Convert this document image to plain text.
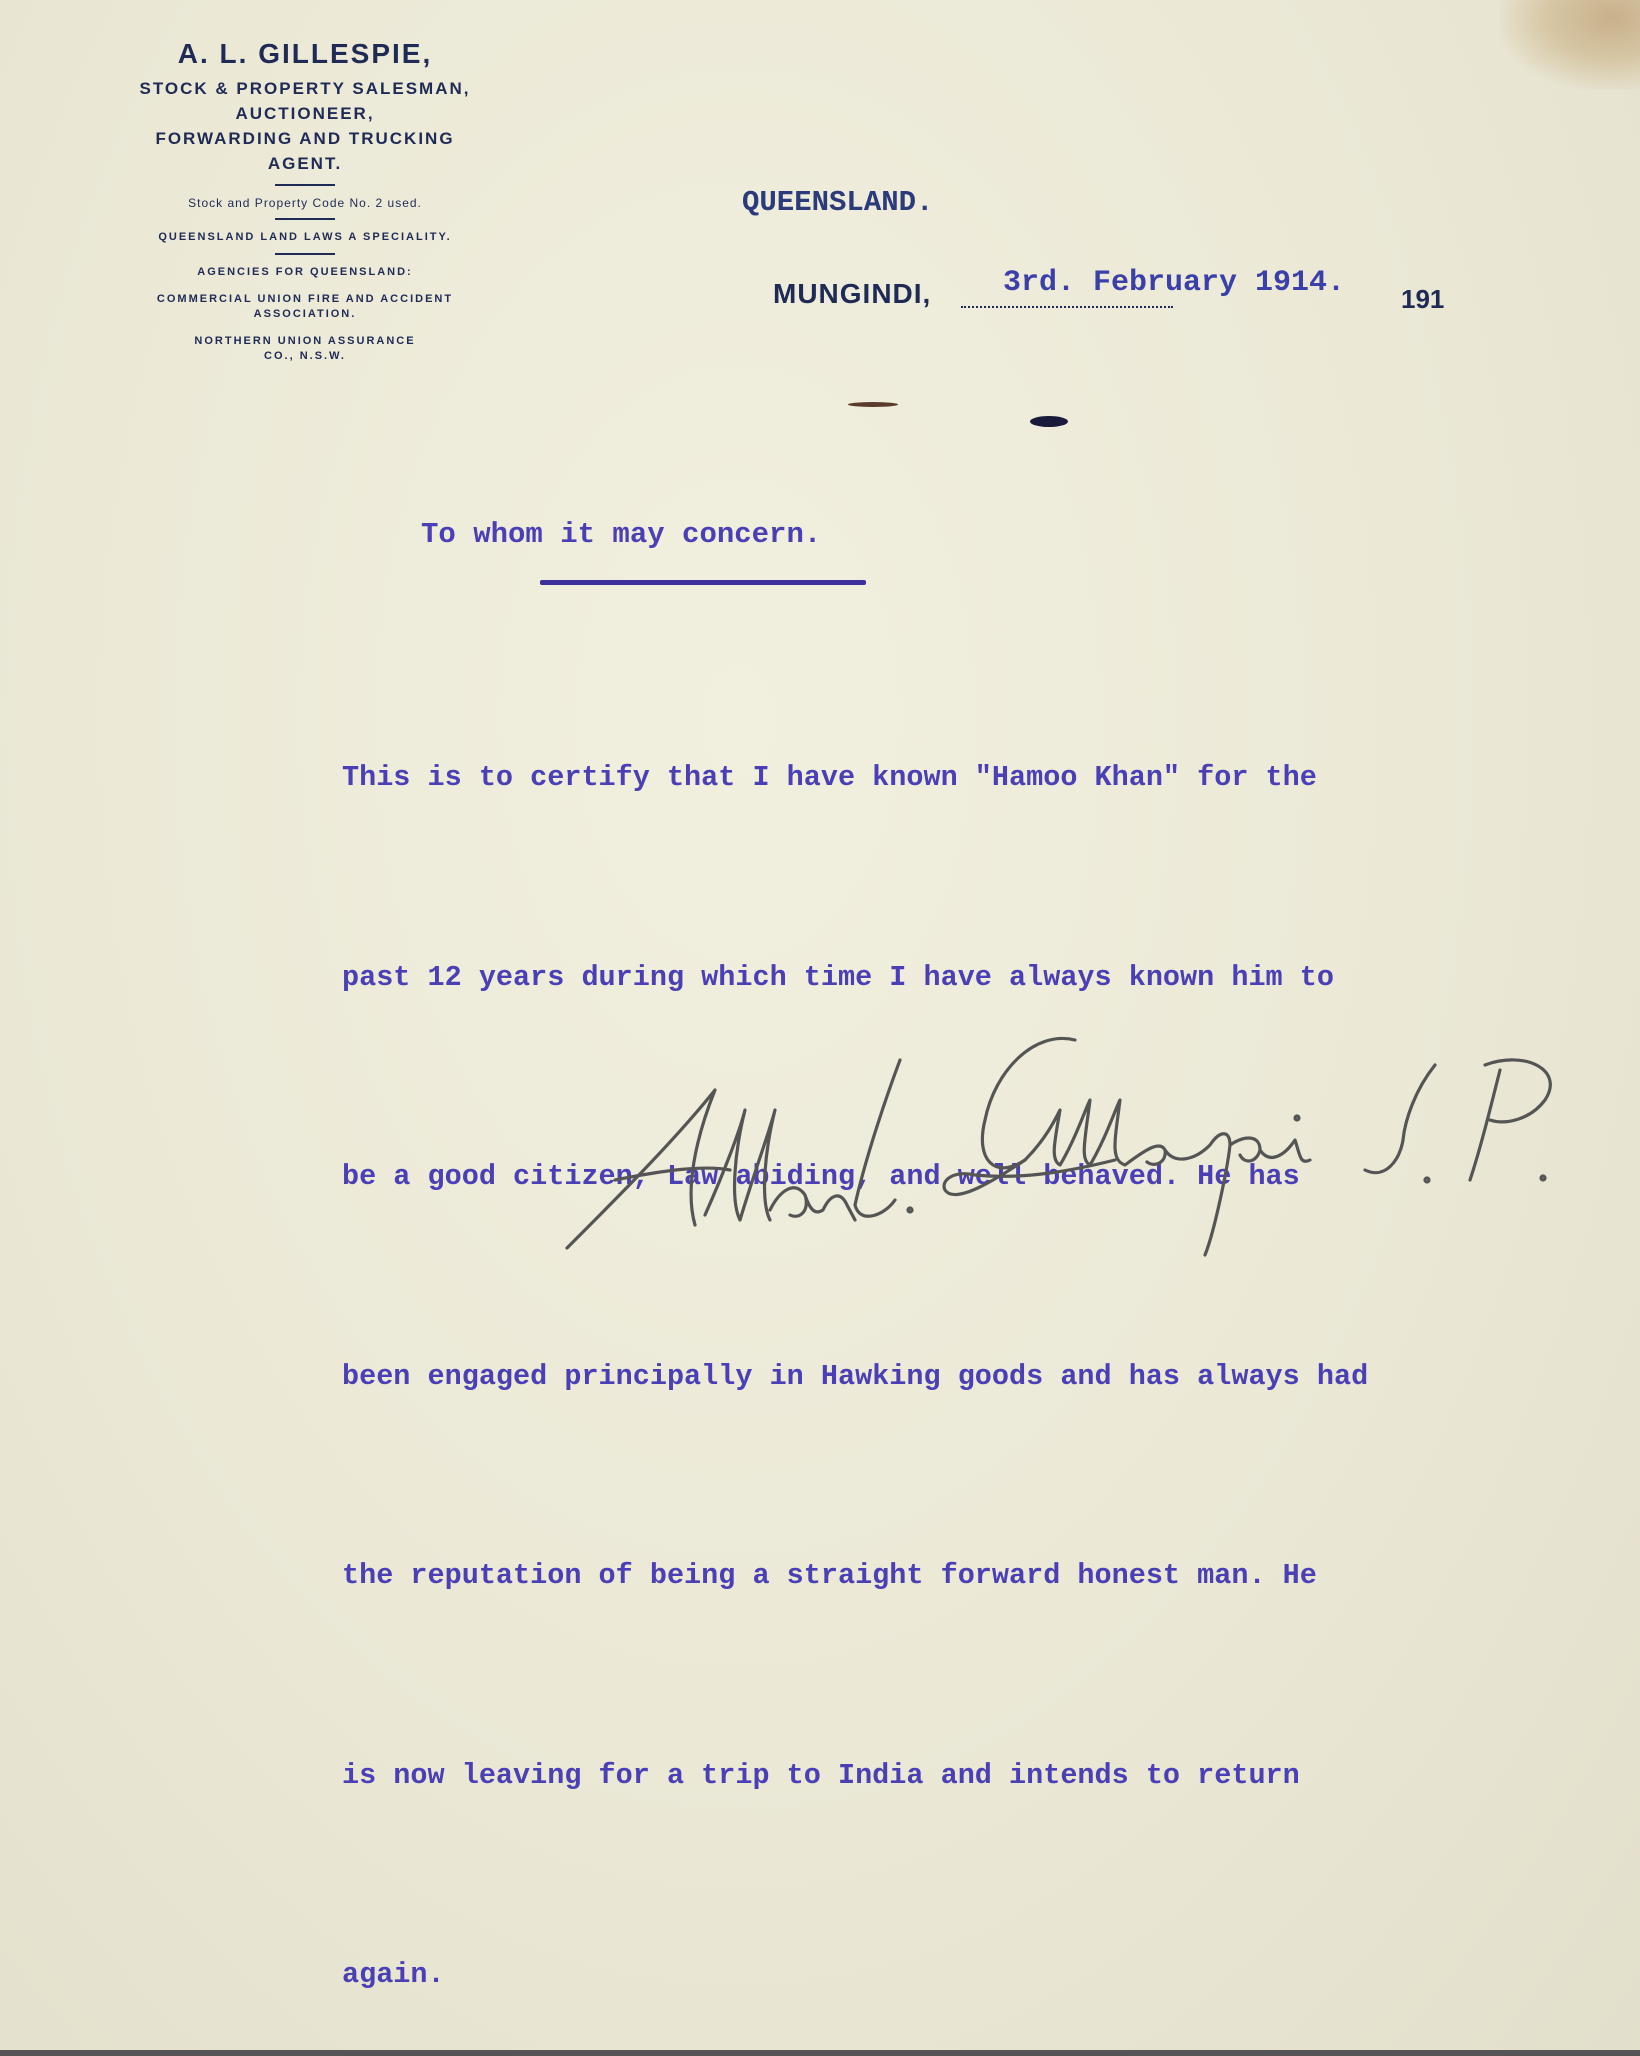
A. L. GILLESPIE,
STOCK & PROPERTY SALESMAN,
AUCTIONEER,
FORWARDING AND TRUCKING
AGENT.
Stock and Property Code No. 2 used.
QUEENSLAND LAND LAWS A SPECIALITY.
AGENCIES FOR QUEENSLAND:
COMMERCIAL UNION FIRE AND ACCIDENT
ASSOCIATION.
NORTHERN UNION ASSURANCE
CO., N.S.W.
QUEENSLAND.
MUNGINDI, 3rd. February 1914. 191
To whom it may concern.

This is to certify that I have known "Hamoo Khan" for the

past 12 years during which time I have always known him to

be a good citizen, Law abiding, and well behaved. He has

been engaged principally in Hawking goods and has always had

the reputation of being a straight forward honest man. He

is now leaving for a trip to India and intends to return

again.
